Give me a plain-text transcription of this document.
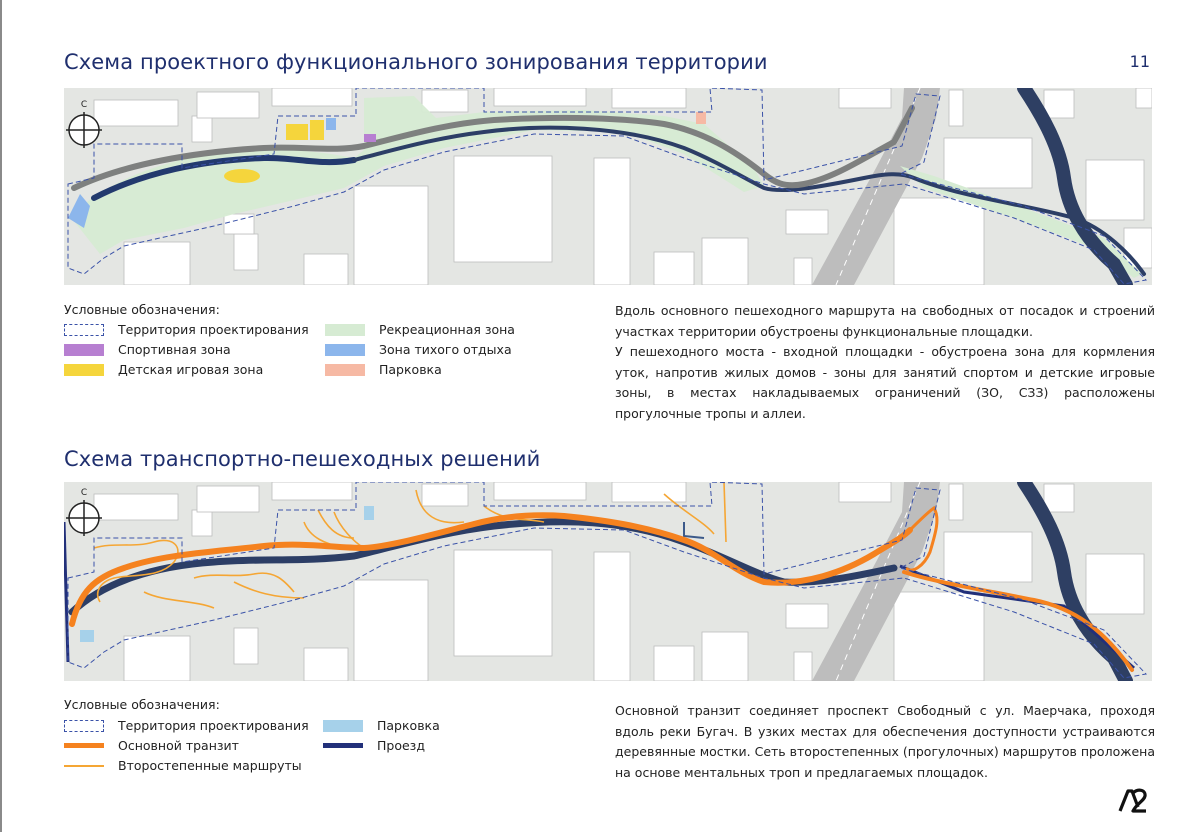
Схема проектного функционального зонирования территории	11
С
Условные обозначения:
Территория проектирования
Спортивная зона
Детская игровая зона
Рекреационная зона
Зона тихого отдыха
Парковка

Вдоль основного пешеходного маршрута на свободных от посадок и строений участках территории обустроены функциональные площадки.

У пешеходного моста - входной площадки - обустроена зона для кормления уток, напротив жилых домов - зоны для занятий спортом и детские игровые зоны, в местах накладываемых ограничений (ЗО, СЗЗ) расположены прогулочные тропы и аллеи.

Схема транспортно-пешеходных решений
С
Условные обозначения:
Территория проектирования
Основной транзит
Второстепенные маршруты
Парковка
Проезд

Основной транзит соединяет проспект Свободный с ул. Маерчака, проходя вдоль реки Бугач. В узких местах для обеспечения доступности устраиваются деревянные мостки. Сеть второстепенных (прогулочных) маршрутов проложена на основе ментальных троп и предлагаемых площадок.
